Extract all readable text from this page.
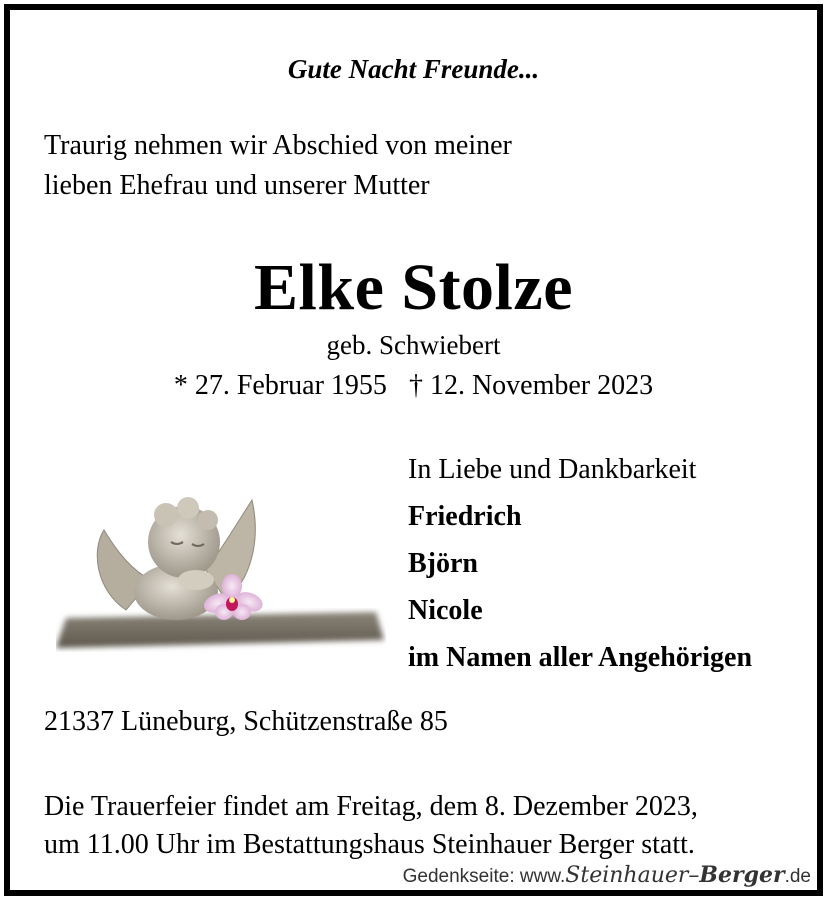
Gute Nacht Freunde...
Traurig nehmen wir Abschied von meiner
lieben Ehefrau und unserer Mutter
Elke Stolze
geb. Schwiebert
* 27. Februar 1955 † 12. November 2023
In Liebe und Dankbarkeit
Friedrich
Björn
Nicole
im Namen aller Angehörigen
21337 Lüneburg, Schützenstraße 85
Die Trauerfeier findet am Freitag, dem 8. Dezember 2023,
um 11.00 Uhr im Bestattungshaus Steinhauer Berger statt.
Gedenkseite: www.Steinhauer–Berger.de
